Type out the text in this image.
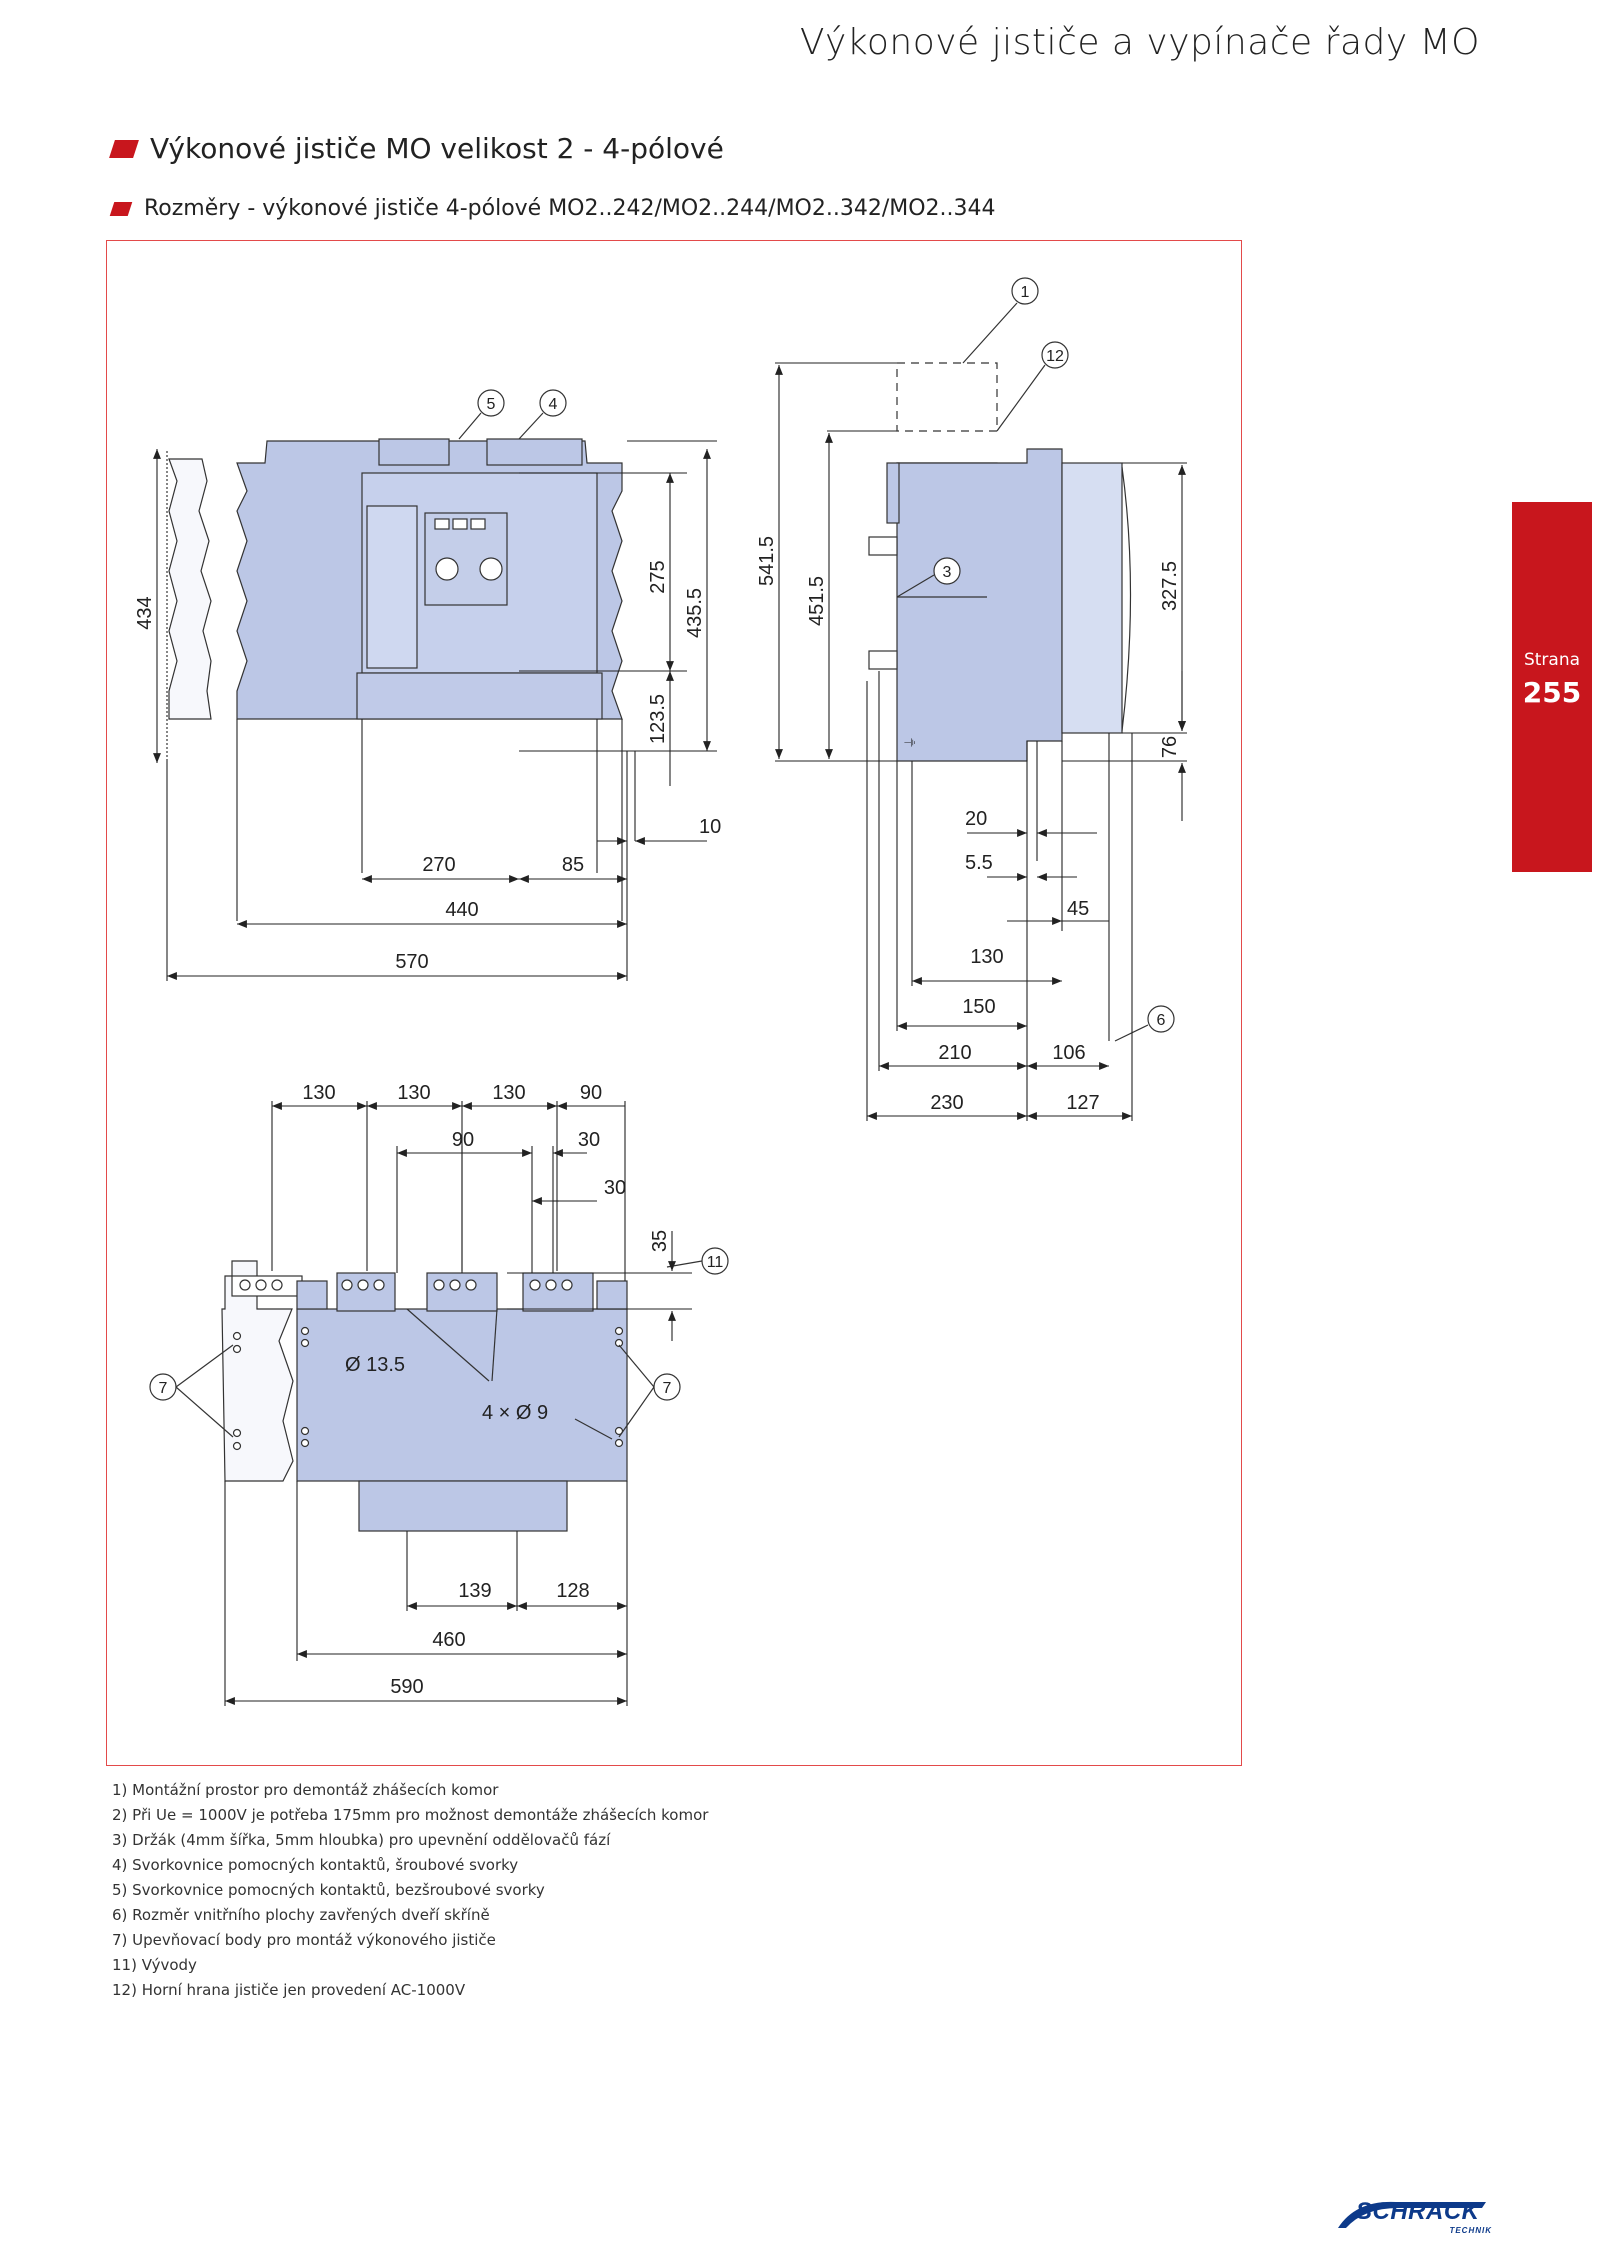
Výkonové jističe a vypínače řady MO
Výkonové jističe MO velikost 2 - 4-pólové
Rozměry - výkonové jističe 4-pólové MO2..242/MO2..244/MO2..342/MO2..344
5	4
434
275
435.5
123.5
10
270	85
440
570
⏚
1
12
3
6
541.5
451.5	327.5
76
20
5.5
45
130
150
210	106
230	127
11
7	7
Ø 13.5
4 × Ø 9
130	130	130	90
90	30
30
35
139	128
460
590
Strana
255
1) Montážní prostor pro demontáž zhášecích komor
2) Při Ue = 1000V je potřeba 175mm pro možnost demontáže zhášecích komor
3) Držák (4mm šířka, 5mm hloubka) pro upevnění oddělovačů fází
4) Svorkovnice pomocných kontaktů, šroubové svorky
5) Svorkovnice pomocných kontaktů, bezšroubové svorky
6) Rozměr vnitřního plochy zavřených dveří skříně
7) Upevňovací body pro montáž výkonového jističe
11) Vývody
12) Horní hrana jističe jen provedení AC-1000V
SCHRACK
TECHNIK
